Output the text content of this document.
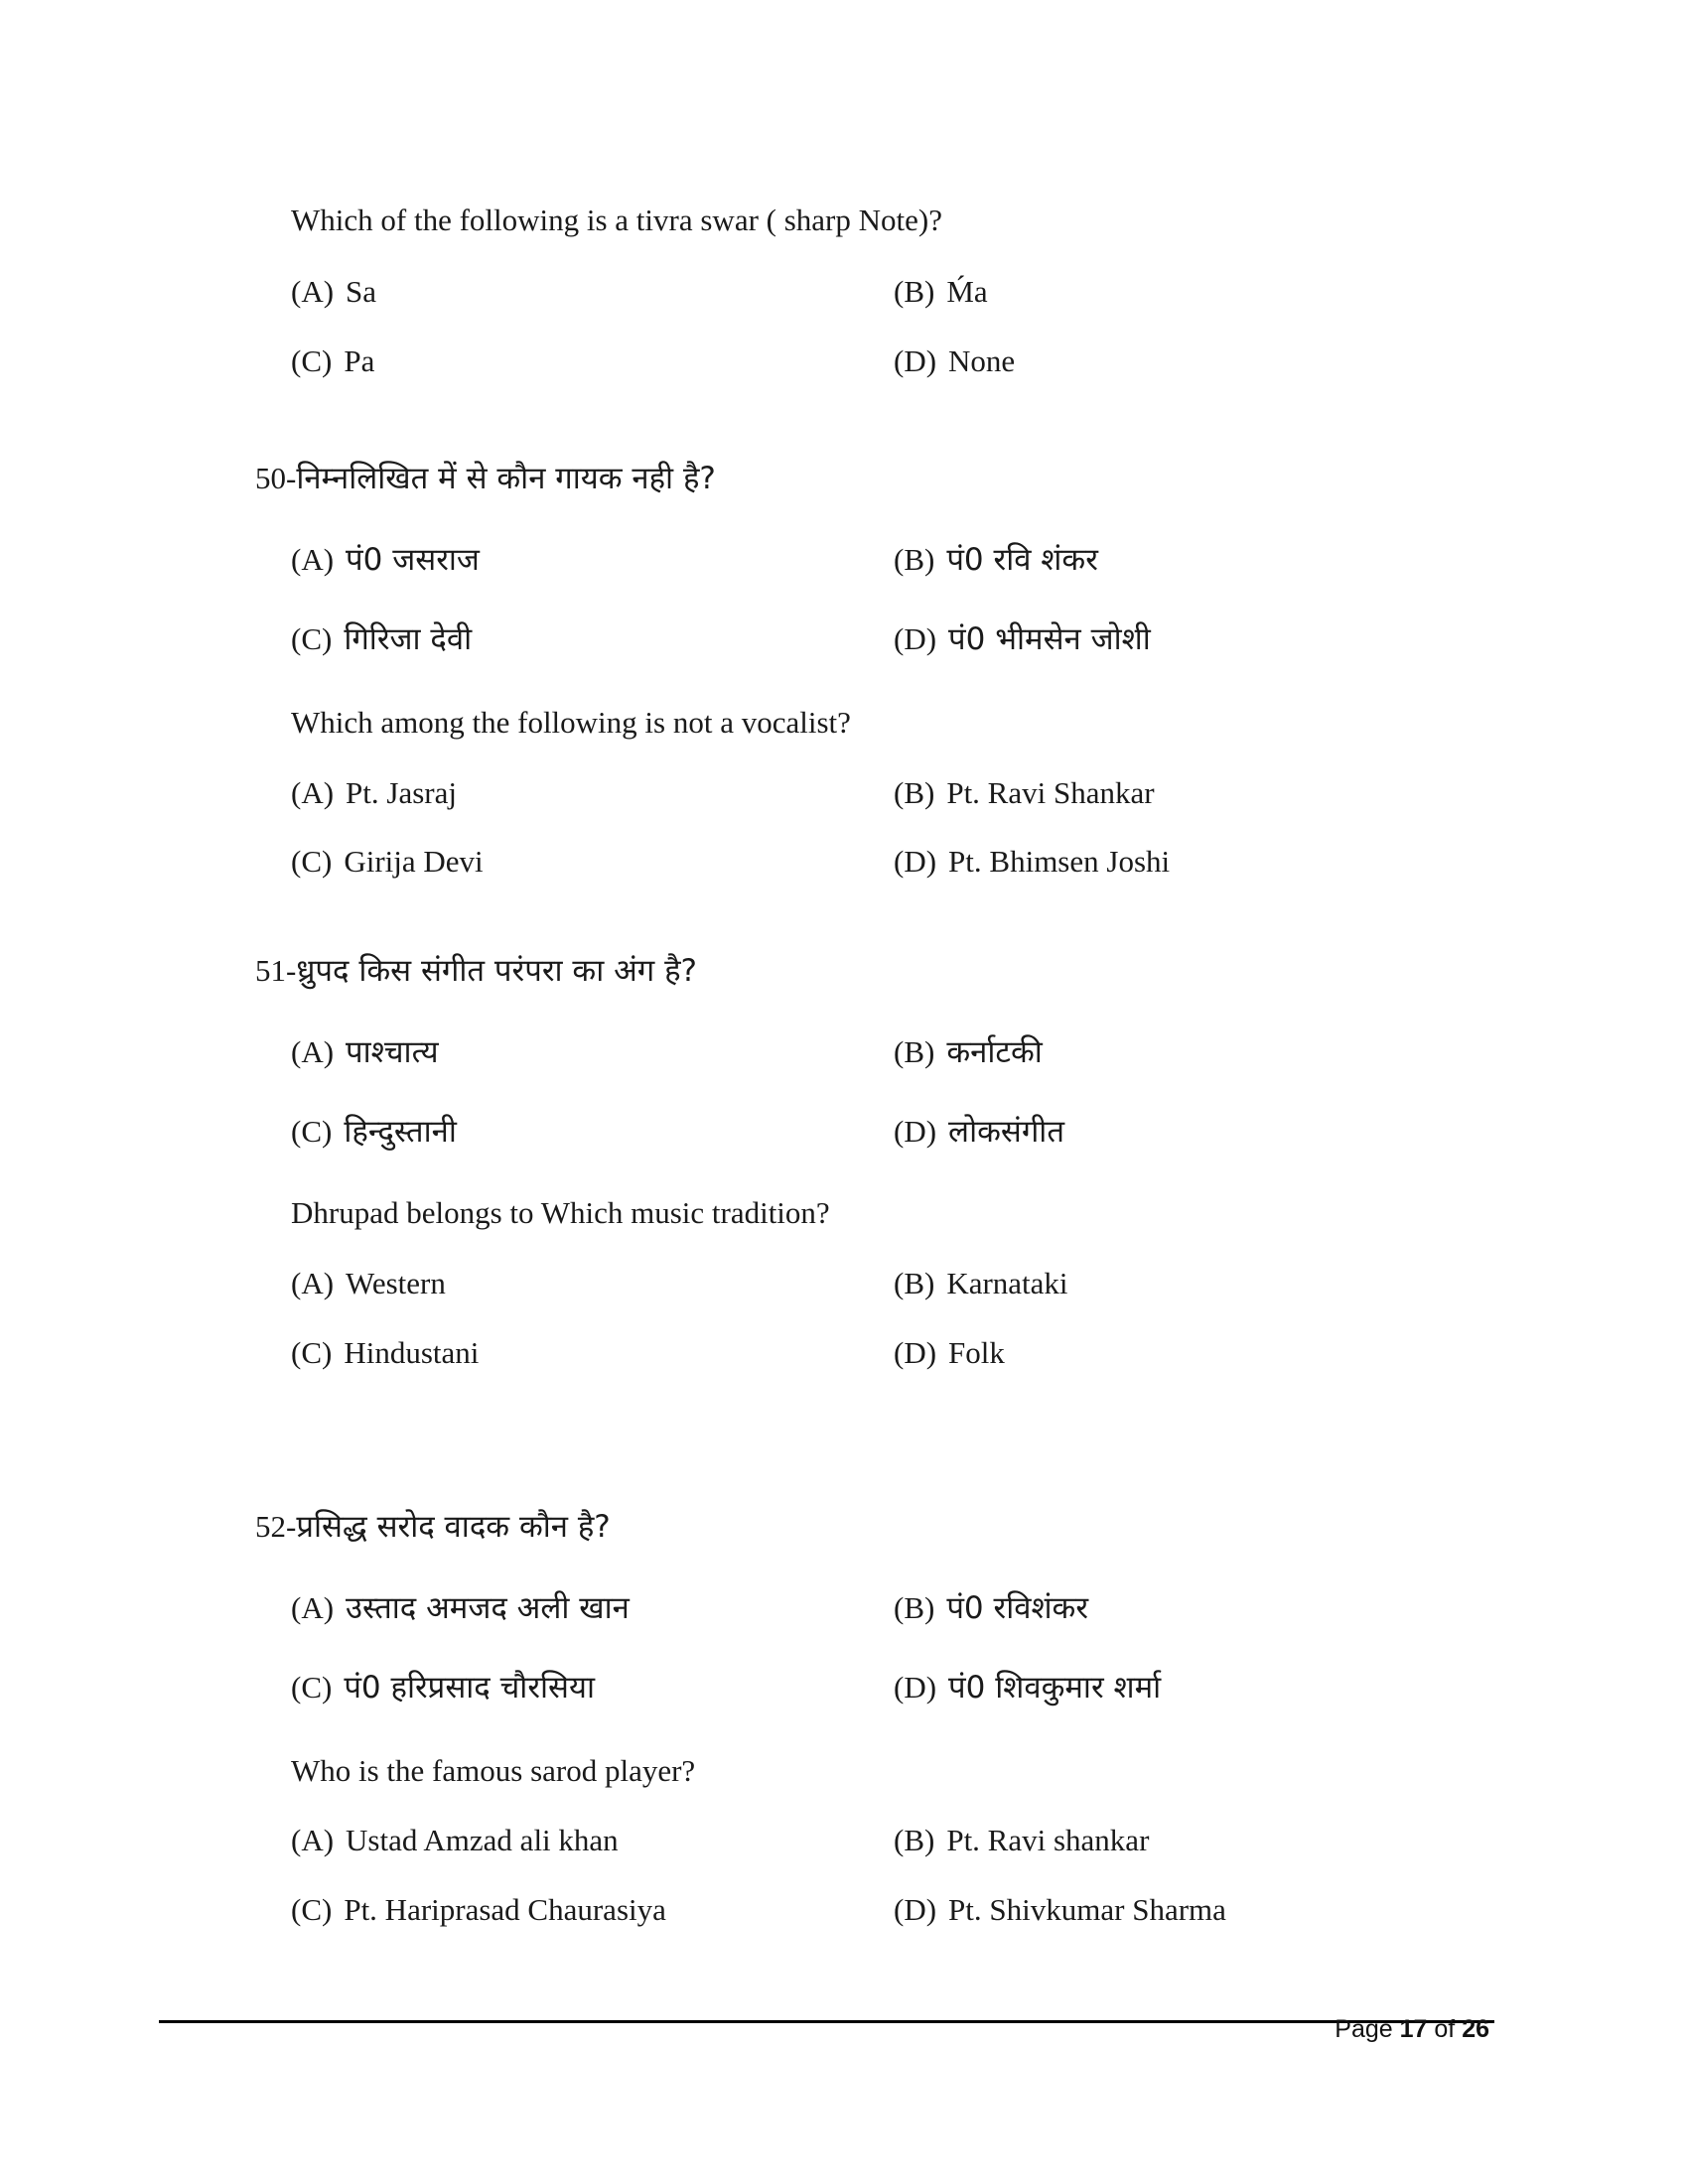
Which of the following is a tivra swar ( sharp Note)?
(A) Sa	(B) Ḿa
(C) Pa	(D) None
50-निम्नलिखित में से कौन गायक नही है?
(A) पं0 जसराज	(B) पं0 रवि शंकर
(C) गिरिजा देवी	(D) पं0 भीमसेन जोशी
Which among the following is not a vocalist?
(A) Pt. Jasraj	(B) Pt. Ravi Shankar
(C) Girija Devi	(D) Pt. Bhimsen Joshi
51-ध्रुपद किस संगीत परंपरा का अंग है?
(A) पाश्चात्य	(B) कर्नाटकी
(C) हिन्दुस्तानी	(D) लोकसंगीत
Dhrupad belongs to Which music tradition?
(A) Western	(B) Karnataki
(C) Hindustani	(D) Folk
52-प्रसिद्ध सरोद वादक कौन है?
(A) उस्ताद अमजद अली खान	(B) पं0 रविशंकर
(C) पं0 हरिप्रसाद चौरसिया	(D) पं0 शिवकुमार शर्मा
Who is the famous sarod player?
(A) Ustad Amzad ali khan	(B) Pt. Ravi shankar
(C) Pt. Hariprasad Chaurasiya	(D) Pt. Shivkumar Sharma
Page 17 of 26
